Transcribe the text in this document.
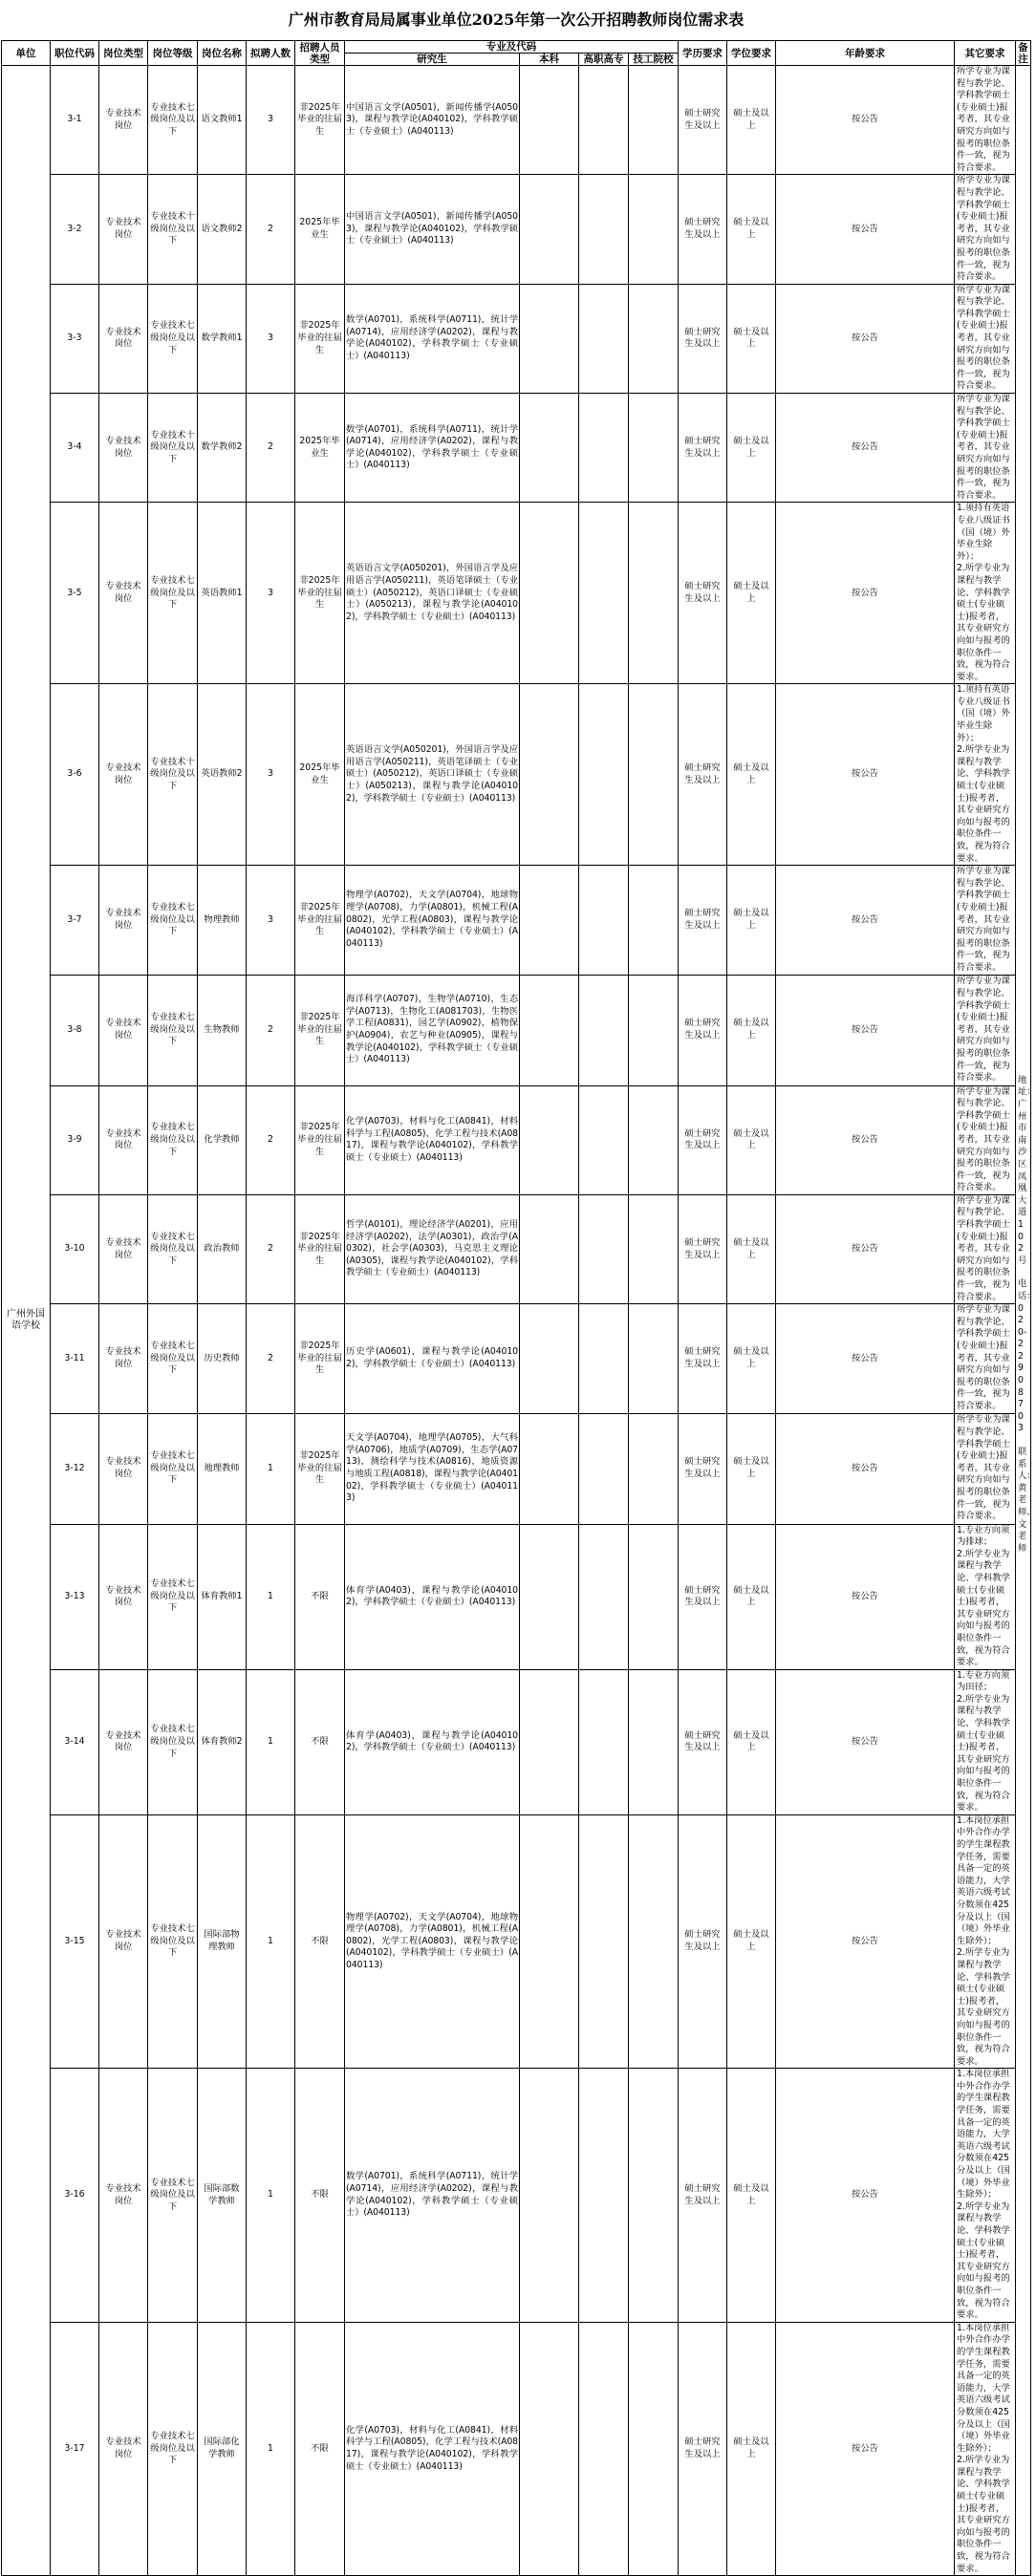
广州市教育局局属事业单位2025年第一次公开招聘教师岗位需求表
单位	职位代码	岗位类型	岗位等级	岗位名称	拟聘人数	招聘人员类型	专业及代码				学历要求	学位要求	年龄要求	其它要求	备注
							研究生	本科	高职高专	技工院校					
广州外国语学校	3-1	专业技术岗位	专业技术七级岗位及以下	语文教师1	3	非2025年毕业的往届生	中国语言文学(A0501)，新闻传播学(A0503)，课程与教学论(A040102)，学科教学硕士（专业硕士）(A040113)				硕士研究生及以上	硕士及以上	按公告	所学专业为课程与教学论、学科教学硕士(专业硕士)报考者，其专业研究方向如与报考的职位条件一致，视为符合要求。	地址：广州市南沙区凤凰大道102号
电话：020-22908703
联系人：黄老师、文老师

	3-2	专业技术岗位	专业技术十级岗位及以下	语文教师2	2	2025年毕业生	中国语言文学(A0501)，新闻传播学(A0503)，课程与教学论(A040102)，学科教学硕士（专业硕士）(A040113)				硕士研究生及以上	硕士及以上	按公告	所学专业为课程与教学论、学科教学硕士(专业硕士)报考者，其专业研究方向如与报考的职位条件一致，视为符合要求。	
	3-3	专业技术岗位	专业技术七级岗位及以下	数学教师1	3	非2025年毕业的往届生	数学(A0701)，系统科学(A0711)，统计学(A0714)，应用经济学(A0202)，课程与教学论(A040102)，学科教学硕士（专业硕士）(A040113)				硕士研究生及以上	硕士及以上	按公告	所学专业为课程与教学论、学科教学硕士(专业硕士)报考者，其专业研究方向如与报考的职位条件一致，视为符合要求。	
	3-4	专业技术岗位	专业技术十级岗位及以下	数学教师2	2	2025年毕业生	数学(A0701)，系统科学(A0711)，统计学(A0714)，应用经济学(A0202)，课程与教学论(A040102)，学科教学硕士（专业硕士）(A040113)				硕士研究生及以上	硕士及以上	按公告	所学专业为课程与教学论、学科教学硕士(专业硕士)报考者，其专业研究方向如与报考的职位条件一致，视为符合要求。	
	3-5	专业技术岗位	专业技术七级岗位及以下	英语教师1	3	非2025年毕业的往届生	英语语言文学(A050201)，外国语言学及应用语言学(A050211)，英语笔译硕士（专业硕士）(A050212)，英语口译硕士（专业硕士）(A050213)，课程与教学论(A040102)，学科教学硕士（专业硕士）(A040113)				硕士研究生及以上	硕士及以上	按公告	1.须持有英语专业八级证书（国（境）外毕业生除外）；
2.所学专业为课程与教学论、学科教学硕士(专业硕士)报考者，其专业研究方向如与报考的职位条件一致，视为符合要求。	
	3-6	专业技术岗位	专业技术十级岗位及以下	英语教师2	3	2025年毕业生	英语语言文学(A050201)，外国语言学及应用语言学(A050211)，英语笔译硕士（专业硕士）(A050212)，英语口译硕士（专业硕士）(A050213)，课程与教学论(A040102)，学科教学硕士（专业硕士）(A040113)				硕士研究生及以上	硕士及以上	按公告	1.须持有英语专业八级证书（国（境）外毕业生除外）；
2.所学专业为课程与教学论、学科教学硕士(专业硕士)报考者，其专业研究方向如与报考的职位条件一致，视为符合要求。	
	3-7	专业技术岗位	专业技术七级岗位及以下	物理教师	3	非2025年毕业的往届生	物理学(A0702)，天文学(A0704)，地球物理学(A0708)，力学(A0801)，机械工程(A0802)，光学工程(A0803)，课程与教学论(A040102)，学科教学硕士（专业硕士）(A040113)				硕士研究生及以上	硕士及以上	按公告	所学专业为课程与教学论、学科教学硕士(专业硕士)报考者，其专业研究方向如与报考的职位条件一致，视为符合要求。	
	3-8	专业技术岗位	专业技术七级岗位及以下	生物教师	2	非2025年毕业的往届生	海洋科学(A0707)，生物学(A0710)，生态学(A0713)，生物化工(A081703)，生物医学工程(A0831)，园艺学(A0902)，植物保护(A0904)，农艺与种业(A0905)，课程与教学论(A040102)，学科教学硕士（专业硕士）(A040113)				硕士研究生及以上	硕士及以上	按公告	所学专业为课程与教学论、学科教学硕士(专业硕士)报考者，其专业研究方向如与报考的职位条件一致，视为符合要求。	
	3-9	专业技术岗位	专业技术七级岗位及以下	化学教师	2	非2025年毕业的往届生	化学(A0703)，材料与化工(A0841)，材料科学与工程(A0805)，化学工程与技术(A0817)，课程与教学论(A040102)，学科教学硕士（专业硕士）(A040113)				硕士研究生及以上	硕士及以上	按公告	所学专业为课程与教学论、学科教学硕士(专业硕士)报考者，其专业研究方向如与报考的职位条件一致，视为符合要求。	
	3-10	专业技术岗位	专业技术七级岗位及以下	政治教师	2	非2025年毕业的往届生	哲学(A0101)，理论经济学(A0201)，应用经济学(A0202)，法学(A0301)，政治学(A0302)，社会学(A0303)，马克思主义理论(A0305)，课程与教学论(A040102)，学科教学硕士（专业硕士）(A040113)				硕士研究生及以上	硕士及以上	按公告	所学专业为课程与教学论、学科教学硕士(专业硕士)报考者，其专业研究方向如与报考的职位条件一致，视为符合要求。	
	3-11	专业技术岗位	专业技术七级岗位及以下	历史教师	2	非2025年毕业的往届生	历史学(A0601)，课程与教学论(A040102)，学科教学硕士（专业硕士）(A040113)				硕士研究生及以上	硕士及以上	按公告	所学专业为课程与教学论、学科教学硕士(专业硕士)报考者，其专业研究方向如与报考的职位条件一致，视为符合要求。	
	3-12	专业技术岗位	专业技术七级岗位及以下	地理教师	1	非2025年毕业的往届生	天文学(A0704)，地理学(A0705)，大气科学(A0706)，地质学(A0709)，生态学(A0713)，测绘科学与技术(A0816)，地质资源与地质工程(A0818)，课程与教学论(A040102)，学科教学硕士（专业硕士）(A040113)				硕士研究生及以上	硕士及以上	按公告	所学专业为课程与教学论、学科教学硕士(专业硕士)报考者，其专业研究方向如与报考的职位条件一致，视为符合要求。	
	3-13	专业技术岗位	专业技术七级岗位及以下	体育教师1	1	不限	体育学(A0403)，课程与教学论(A040102)，学科教学硕士（专业硕士）(A040113)				硕士研究生及以上	硕士及以上	按公告	1.专业方向须为排球；
2.所学专业为课程与教学论、学科教学硕士(专业硕士)报考者，其专业研究方向如与报考的职位条件一致，视为符合要求。	
	3-14	专业技术岗位	专业技术七级岗位及以下	体育教师2	1	不限	体育学(A0403)，课程与教学论(A040102)，学科教学硕士（专业硕士）(A040113)				硕士研究生及以上	硕士及以上	按公告	1.专业方向须为田径；
2.所学专业为课程与教学论、学科教学硕士(专业硕士)报考者，其专业研究方向如与报考的职位条件一致，视为符合要求。	
	3-15	专业技术岗位	专业技术七级岗位及以下	国际部物理教师	1	不限	物理学(A0702)，天文学(A0704)，地球物理学(A0708)，力学(A0801)，机械工程(A0802)，光学工程(A0803)，课程与教学论(A040102)，学科教学硕士（专业硕士）(A040113)				硕士研究生及以上	硕士及以上	按公告	1.本岗位承担中外合作办学的学生课程教学任务，需要具备一定的英语能力，大学英语六级考试分数须在425分及以上（国（境）外毕业生除外）；
2.所学专业为课程与教学论、学科教学硕士(专业硕士)报考者，其专业研究方向如与报考的职位条件一致，视为符合要求。	
	3-16	专业技术岗位	专业技术七级岗位及以下	国际部数学教师	1	不限	数学(A0701)，系统科学(A0711)，统计学(A0714)，应用经济学(A0202)，课程与教学论(A040102)，学科教学硕士（专业硕士）(A040113)				硕士研究生及以上	硕士及以上	按公告	1.本岗位承担中外合作办学的学生课程教学任务，需要具备一定的英语能力，大学英语六级考试分数须在425分及以上（国（境）外毕业生除外）；
2.所学专业为课程与教学论、学科教学硕士(专业硕士)报考者，其专业研究方向如与报考的职位条件一致，视为符合要求。	
	3-17	专业技术岗位	专业技术七级岗位及以下	国际部化学教师	1	不限	化学(A0703)，材料与化工(A0841)，材料科学与工程(A0805)，化学工程与技术(A0817)，课程与教学论(A040102)，学科教学硕士（专业硕士）(A040113)				硕士研究生及以上	硕士及以上	按公告	1.本岗位承担中外合作办学的学生课程教学任务，需要具备一定的英语能力，大学英语六级考试分数须在425分及以上（国（境）外毕业生除外）；
2.所学专业为课程与教学论、学科教学硕士(专业硕士)报考者，其专业研究方向如与报考的职位条件一致，视为符合要求。	
